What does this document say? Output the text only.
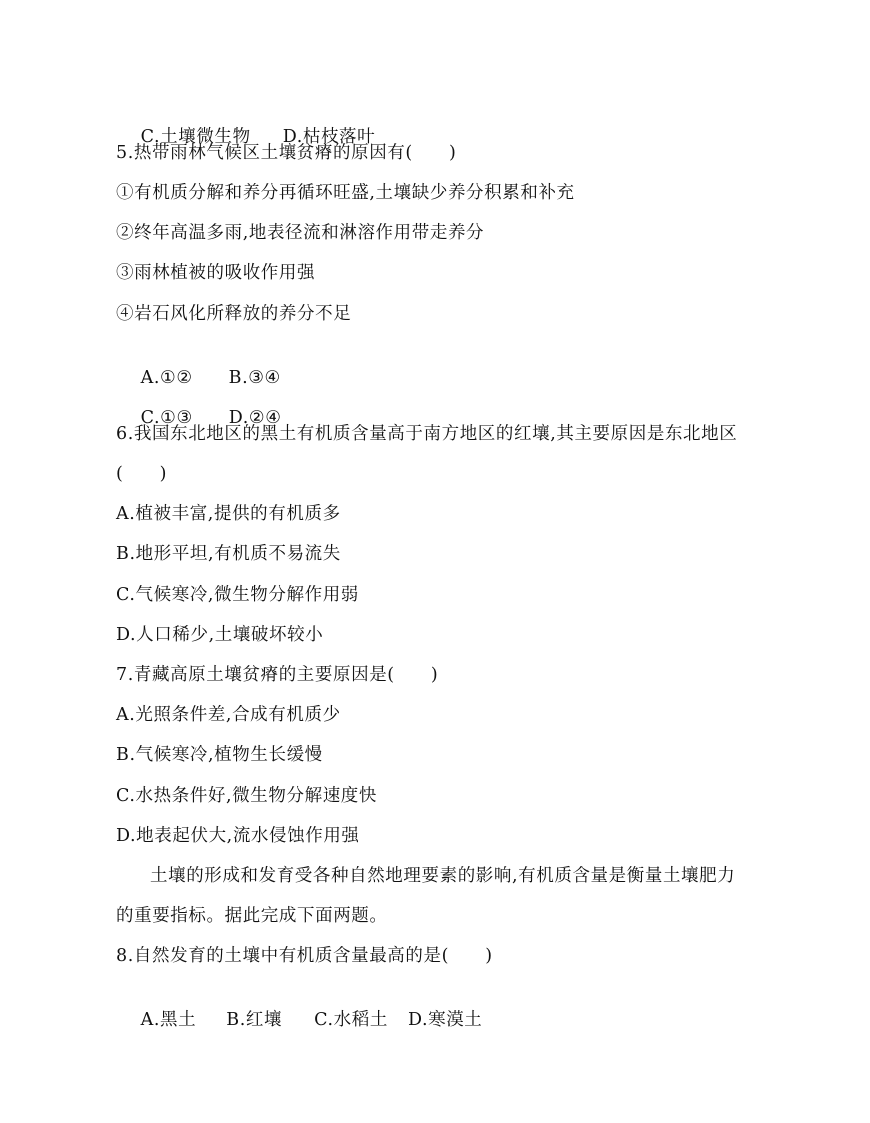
C.土壤微生物 D.枯枝落叶

5.热带雨林气候区土壤贫瘠的原因有(　　)
①有机质分解和养分再循环旺盛,土壤缺少养分积累和补充
②终年高温多雨,地表径流和淋溶作用带走养分
③雨林植被的吸收作用强
④岩石风化所释放的养分不足

A.①② B.③④

C.①③ D.②④

6.我国东北地区的黑土有机质含量高于南方地区的红壤,其主要原因是东北地区
(　　)
A.植被丰富,提供的有机质多
B.地形平坦,有机质不易流失
C.气候寒冷,微生物分解作用弱
D.人口稀少,土壤破坏较小
7.青藏高原土壤贫瘠的主要原因是(　　)
A.光照条件差,合成有机质少
B.气候寒冷,植物生长缓慢
C.水热条件好,微生物分解速度快
D.地表起伏大,流水侵蚀作用强
土壤的形成和发育受各种自然地理要素的影响,有机质含量是衡量土壤肥力
的重要指标。据此完成下面两题。
8.自然发育的土壤中有机质含量最高的是(　　)

A.黑土 B.红壤 C.水稻土 D.寒漠土
